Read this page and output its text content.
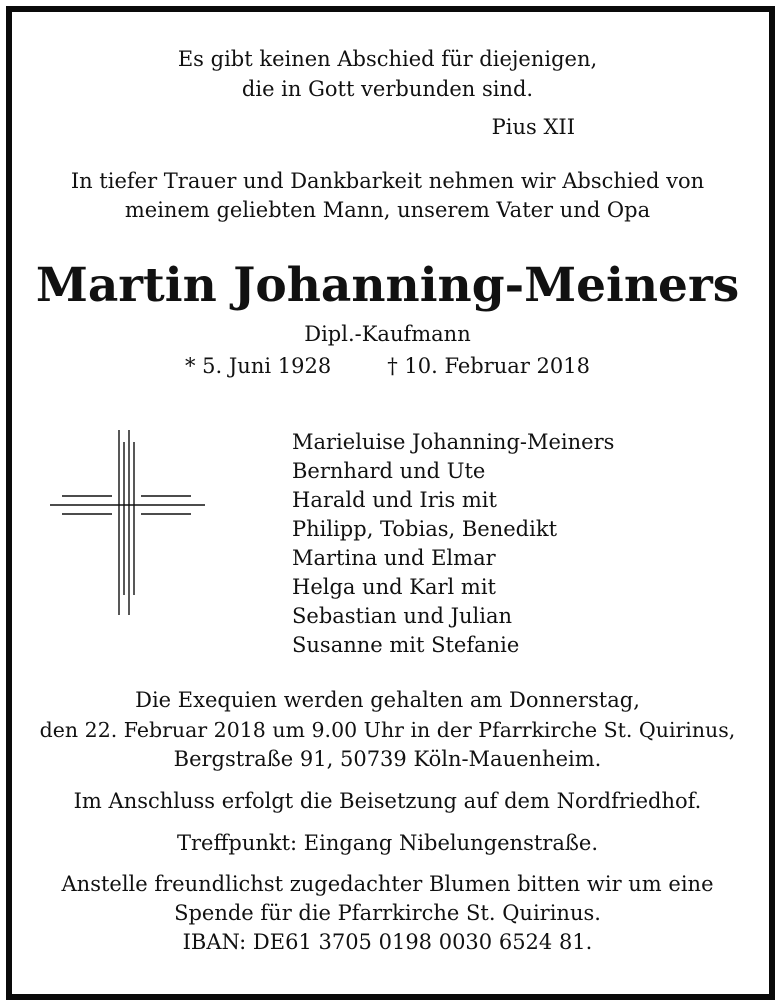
Es gibt keinen Abschied für diejenigen,
die in Gott verbunden sind.
Pius XII
In tiefer Trauer und Dankbarkeit nehmen wir Abschied von
meinem geliebten Mann, unserem Vater und Opa
Martin Johanning-Meiners
Dipl.-Kaufmann
* 5. Juni 1928	† 10. Februar 2018
Marieluise Johanning-Meiners
Bernhard und Ute
Harald und Iris mit
Philipp, Tobias, Benedikt
Martina und Elmar
Helga und Karl mit
Sebastian und Julian
Susanne mit Stefanie
Die Exequien werden gehalten am Donnerstag,
den 22. Februar 2018 um 9.00 Uhr in der Pfarrkirche St. Quirinus,
Bergstraße 91, 50739 Köln-Mauenheim.
Im Anschluss erfolgt die Beisetzung auf dem Nordfriedhof.
Treffpunkt: Eingang Nibelungenstraße.
Anstelle freundlichst zugedachter Blumen bitten wir um eine
Spende für die Pfarrkirche St. Quirinus.
IBAN: DE61 3705 0198 0030 6524 81.
